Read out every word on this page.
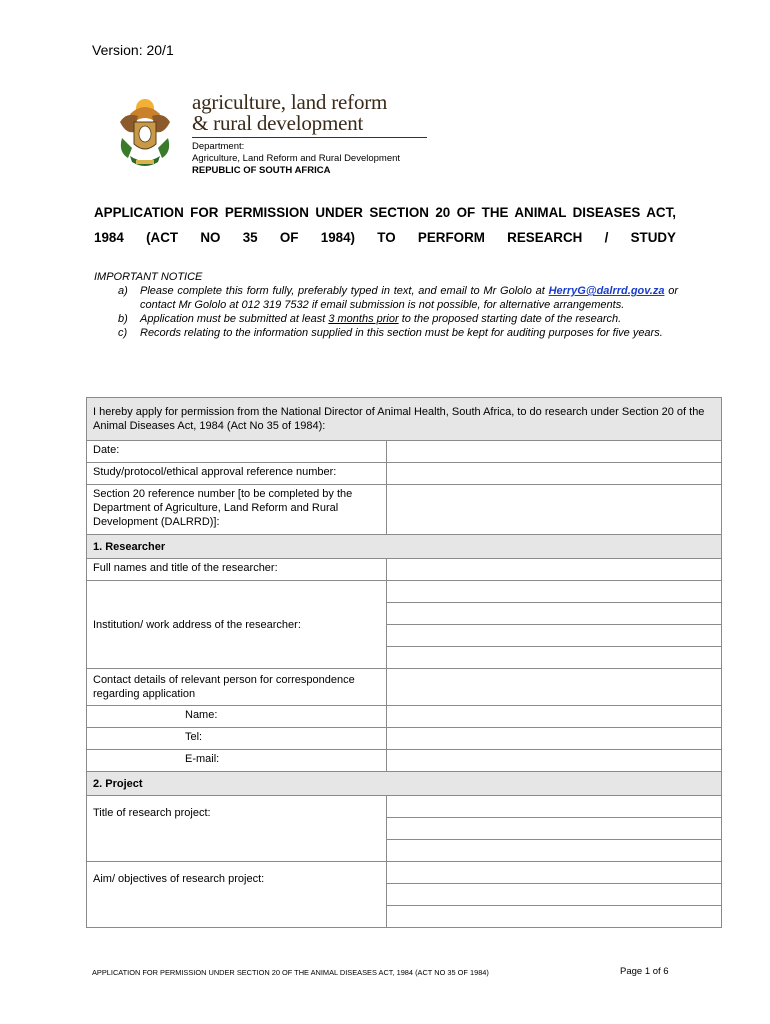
Version: 20/1
agriculture, land reform
& rural development
Department:
Agriculture, Land Reform and Rural Development
REPUBLIC OF SOUTH AFRICA
APPLICATION FOR PERMISSION UNDER SECTION 20 OF THE ANIMAL DISEASES ACT, 1984 (ACT NO 35 OF 1984) TO PERFORM RESEARCH / STUDY
IMPORTANT NOTICE
a) Please complete this form fully, preferably typed in text, and email to Mr Gololo at HerryG@dalrrd.gov.za or contact Mr Gololo at 012 319 7532 if email submission is not possible, for alternative arrangements.
b) Application must be submitted at least 3 months prior to the proposed starting date of the research.
c) Records relating to the information supplied in this section must be kept for auditing purposes for five years.
I hereby apply for permission from the National Director of Animal Health, South Africa, to do research under Section 20 of the Animal Diseases Act, 1984 (Act No 35 of 1984):	
Date:	
Study/protocol/ethical approval reference number:	
Section 20 reference number [to be completed by the Department of Agriculture, Land Reform and Rural Development (DALRRD)]:	
1. Researcher	
Full names and title of the researcher:	
Institution/ work address of the researcher:	

Contact details of relevant person for correspondence regarding application	
Name:	
Tel:	
E-mail:	
2. Project	

Title of research project:	

Aim/ objectives of research project:	

APPLICATION FOR PERMISSION UNDER SECTION 20 OF THE ANIMAL DISEASES ACT, 1984 (ACT NO 35 OF 1984)	Page 1 of 6
